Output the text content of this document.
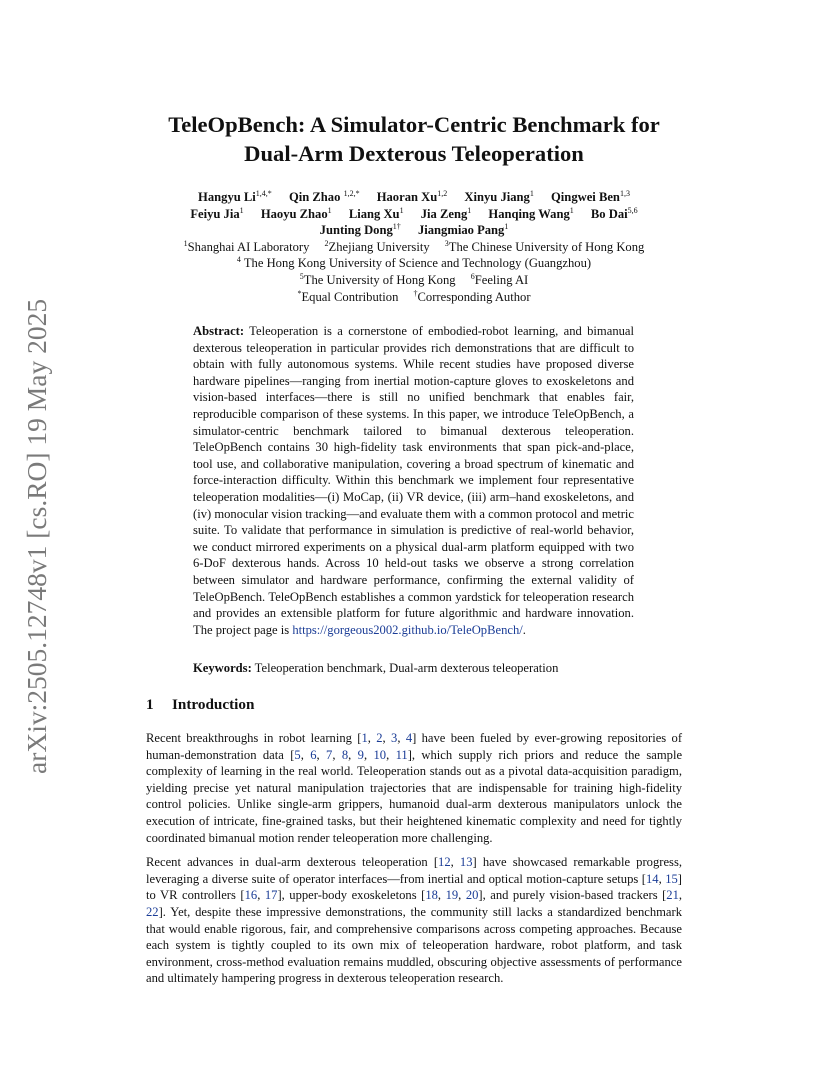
arXiv:2505.12748v1 [cs.RO] 19 May 2025
TeleOpBench: A Simulator-Centric Benchmark for
Dual-Arm Dexterous Teleoperation
Hangyu $Li^{1,4,*}$ Qin Zhao $^{1,2,*}$ Haoran Xu$^{1,2}$ Xinyu Jiang$^1$ Qingwei Ben$^{1,3}$
Feiyu Jia$^1$ Haoyu Zhao$^1$ Liang Xu$^1$ Jia Zeng$^1$ Hanqing Wang$^1$ Bo Dai$^{5,6}$
Junting Dong$^{1\dagger}$ Jiangmiao Pang$^1$
$^1$Shanghai AI Laboratory $^2$Zhejiang University $^3$The Chinese University of Hong Kong
$^4$ The Hong Kong University of Science and Technology (Guangzhou)
$^5$The University of Hong Kong $^6$Feeling AI
*Equal Contribution †Corresponding Author

Abstract: Teleoperation is a cornerstone of embodied-robot learning, and bimanual dexterous teleoperation in particular provides rich demonstrations that are difficult to obtain with fully autonomous systems. While recent studies have proposed diverse hardware pipelines—ranging from inertial motion-capture gloves to exoskeletons and vision-based interfaces—there is still no unified benchmark that enables fair, reproducible comparison of these systems. In this paper, we introduce TeleOpBench, a simulator-centric benchmark tailored to bimanual dexterous teleoperation. TeleOpBench contains 30 high-fidelity task environments that span pick-and-place, tool use, and collaborative manipulation, covering a broad spectrum of kinematic and force-interaction difficulty. Within this benchmark we implement four representative teleoperation modalities—(i) MoCap, (ii) VR device, (iii) arm–hand exoskeletons, and (iv) monocular vision tracking—and evaluate them with a common protocol and metric suite. To validate that performance in simulation is predictive of real-world behavior, we conduct mirrored experiments on a physical dual-arm platform equipped with two 6-DoF dexterous hands. Across 10 held-out tasks we observe a strong correlation between simulator and hardware performance, confirming the external validity of TeleOpBench. TeleOpBench establishes a common yardstick for teleoperation research and provides an extensible platform for future algorithmic and hardware innovation. The project page is https://gorgeous2002.github.io/TeleOpBench/.

Keywords: Teleoperation benchmark, Dual-arm dexterous teleoperation
1 Introduction

Recent breakthroughs in robot learning [1, 2, 3, 4] have been fueled by ever-growing repositories of human-demonstration data [5, 6, 7, 8, 9, 10, 11], which supply rich priors and reduce the sample complexity of learning in the real world. Teleoperation stands out as a pivotal data-acquisition paradigm, yielding precise yet natural manipulation trajectories that are indispensable for training high-fidelity control policies. Unlike single-arm grippers, humanoid dual-arm dexterous manipulators unlock the execution of intricate, fine-grained tasks, but their heightened kinematic complexity and need for tightly coordinated bimanual motion render teleoperation more challenging.

Recent advances in dual-arm dexterous teleoperation [12, 13] have showcased remarkable progress, leveraging a diverse suite of operator interfaces—from inertial and optical motion-capture setups [14, 15] to VR controllers [16, 17], upper-body exoskeletons [18, 19, 20], and purely vision-based trackers [21, 22]. Yet, despite these impressive demonstrations, the community still lacks a standardized benchmark that would enable rigorous, fair, and comprehensive comparisons across competing approaches. Because each system is tightly coupled to its own mix of teleoperation hardware, robot platform, and task environment, cross-method evaluation remains muddled, obscuring objective assessments of performance and ultimately hampering progress in dexterous teleoperation research.
